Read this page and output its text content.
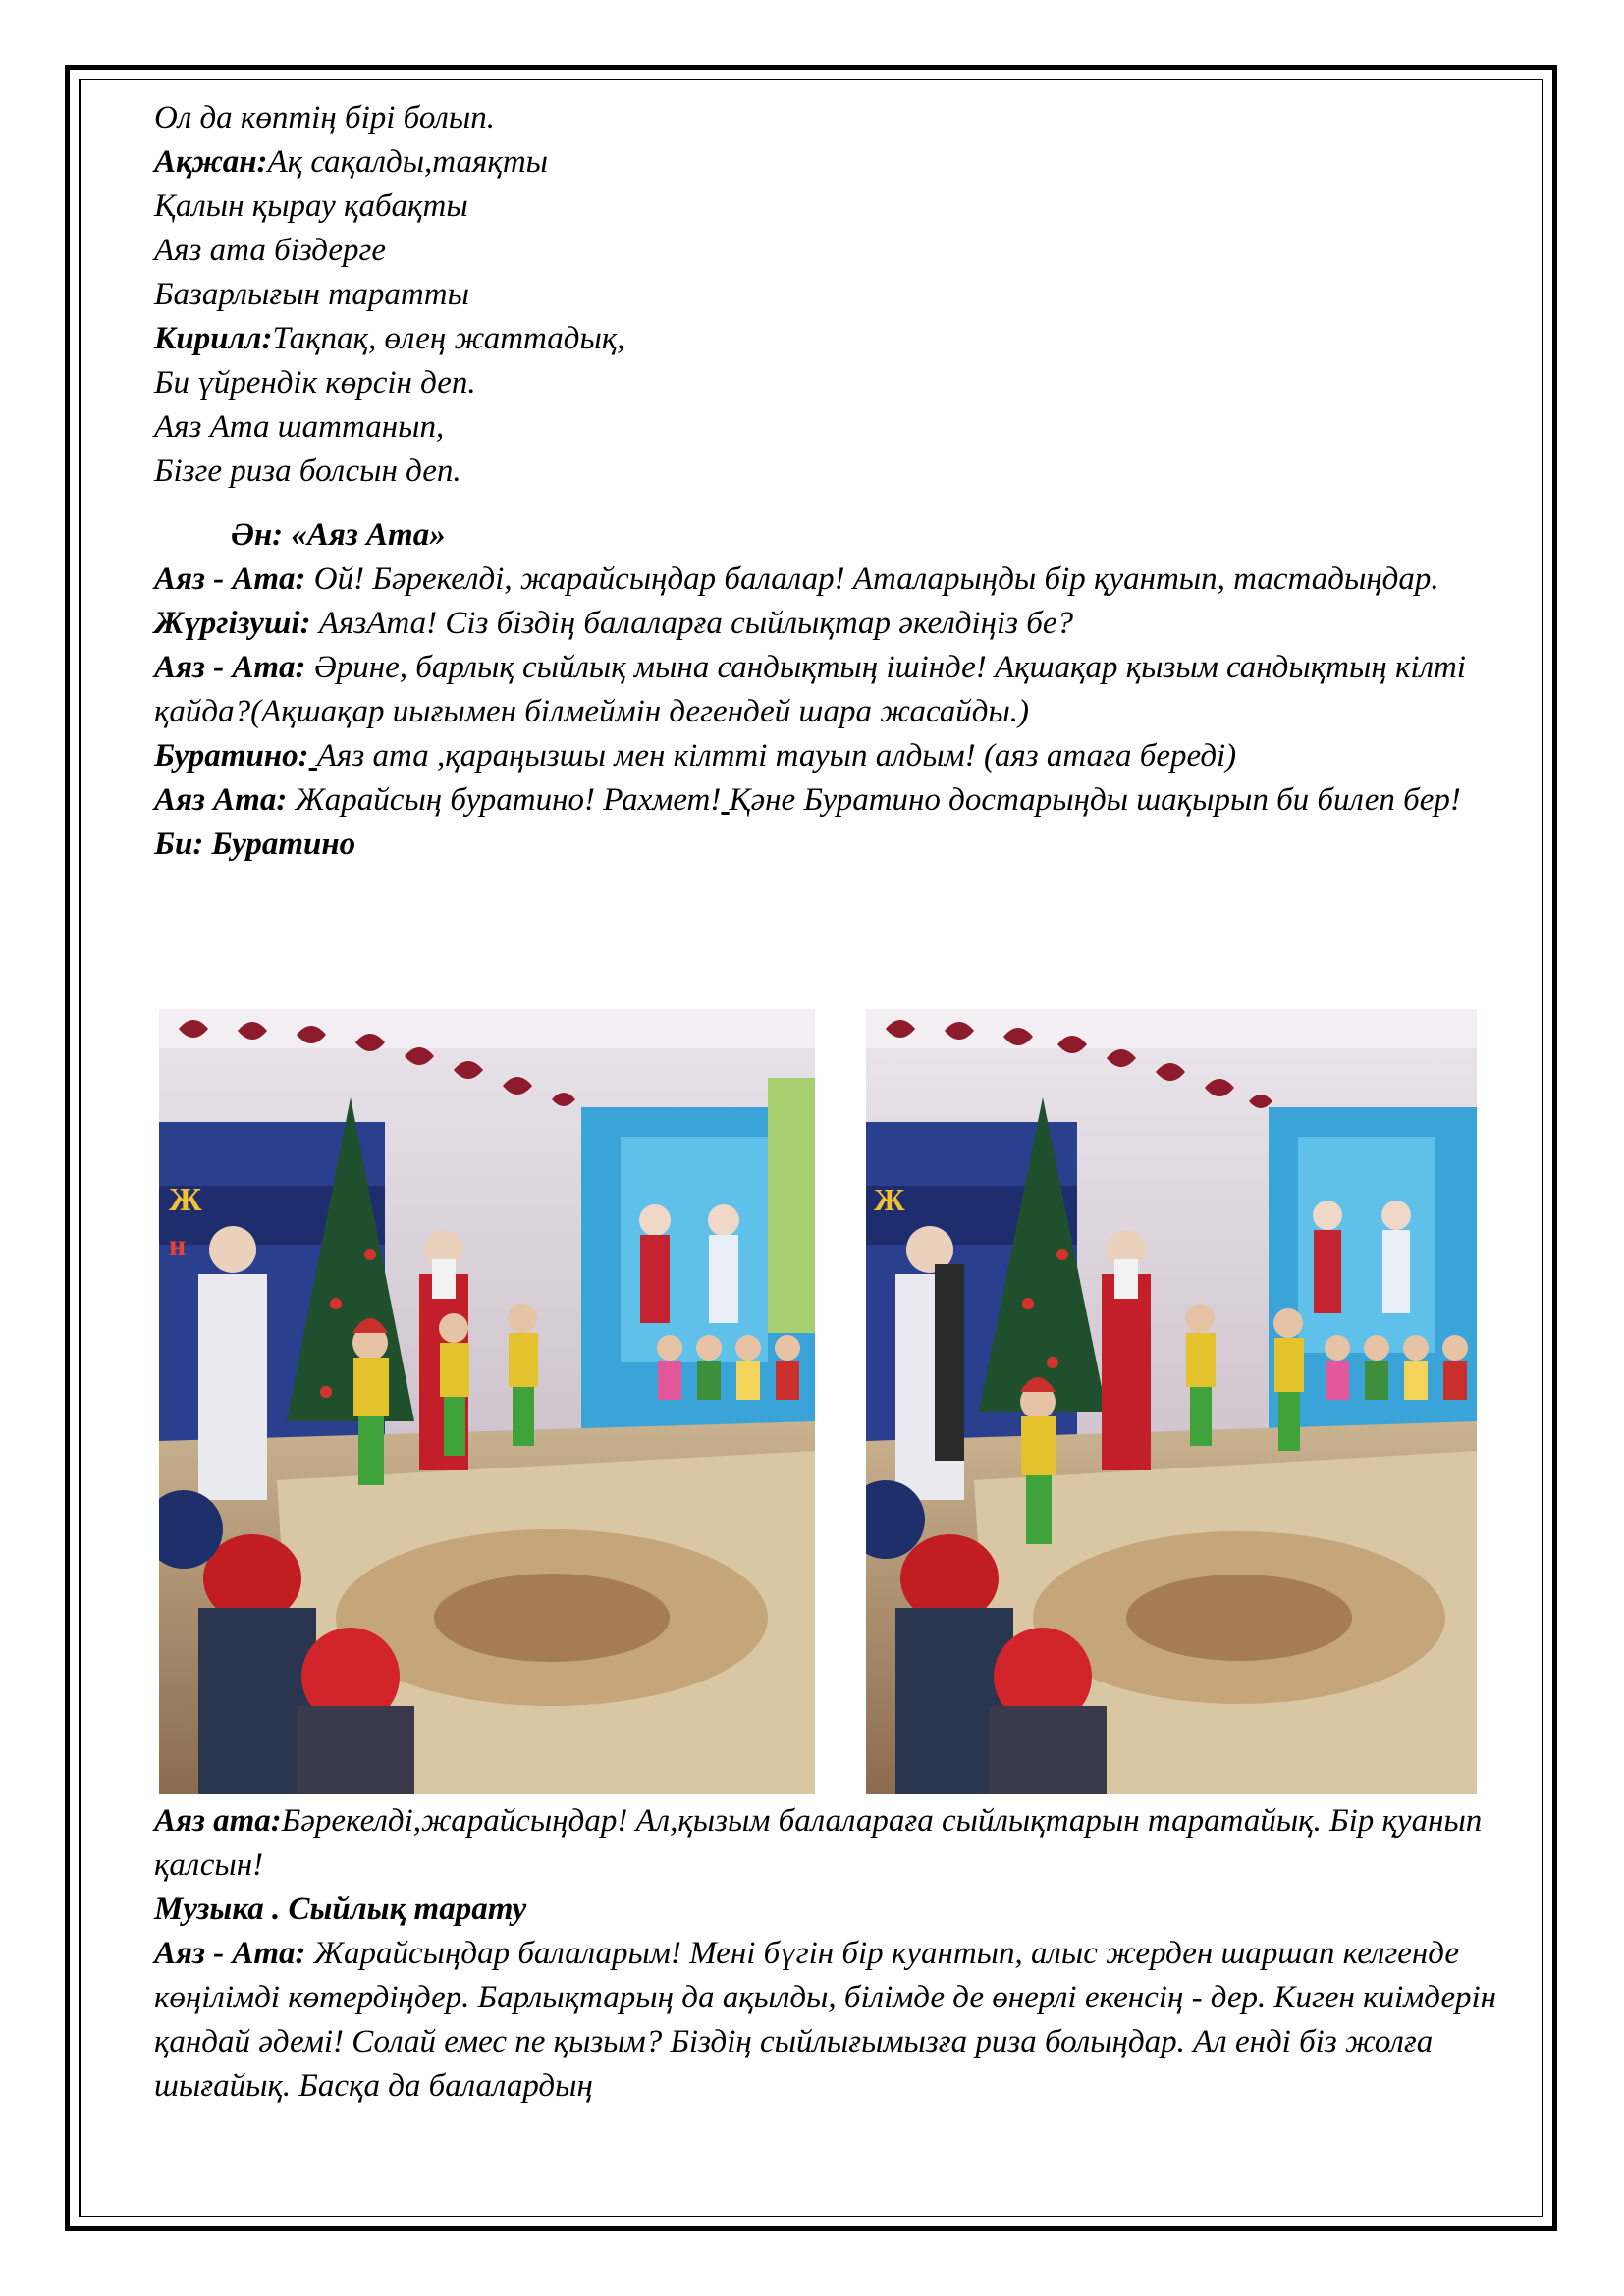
Ол да көптің бірі болып.
Ақжан:Ақ сақалды,таяқты
Қалын қырау қабақты
Аяз ата біздерге
Базарлығын таратты
Кирилл:Тақпақ, өлең жаттадық,
Би үйрендік көрсін деп.
Аяз Ата шаттанып,
Бізге риза болсын деп.
Ән: «Аяз Ата»
Аяз - Ата: Ой! Бәрекелді, жарайсыңдар балалар! Аталарыңды бір қуантып, тастадыңдар.
Жүргізуші: АязАта! Сіз біздің балаларға сыйлықтар әкелдіңіз бе?
Аяз - Ата: Әрине, барлық сыйлық мына сандықтың ішінде! Ақшақар қызым сандықтың кілті қайда?(Ақшақар иығымен білмеймін дегендей шара жасайды.)
Буратино: Аяз ата ,қараңызшы мен кілтті тауып алдым! (аяз атаға береді)
Аяз Ата: Жарайсың буратино! Рахмет! Қәне Буратино достарыңды шақырып би билеп бер!
Би: Буратино
Ж
н
Ж
Аяз ата:Бәрекелді,жарайсыңдар! Ал,қызым балалараға сыйлықтарын таратайық. Бір қуанып қалсын!
Музыка . Сыйлық тарату
Аяз - Ата: Жарайсыңдар балаларым! Мені бүгін бір куантып, алыс жерден шаршап келгенде көңілімді көтердіңдер. Барлықтарың да ақылды, білімде де өнерлі екенсің - дер. Киген киімдерін қандай әдемі! Солай емес пе қызым? Біздің сыйлығымызға риза болыңдар. Ал енді біз жолға шығайық. Басқа да балалардың
